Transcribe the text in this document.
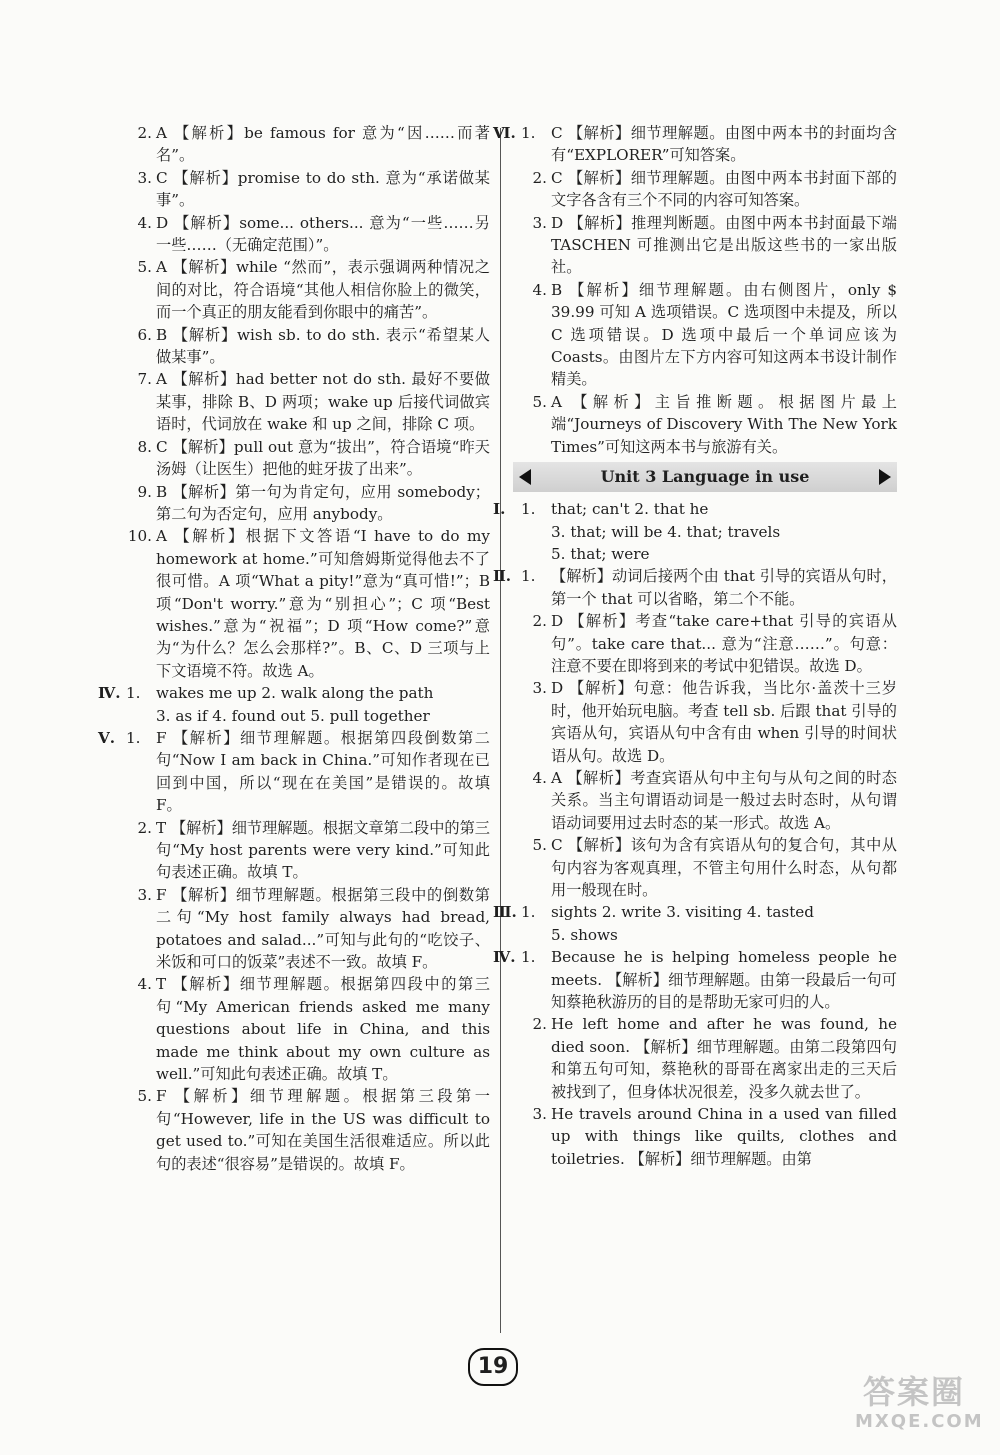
2. A 【解析】be famous for 意为“因……而著名”。
3. C 【解析】promise to do sth. 意为“承诺做某事”。
4. D 【解析】some... others... 意为“一些……另一些……（无确定范围）”。
5. A 【解析】while “然而”，表示强调两种情况之间的对比，符合语境“其他人相信你脸上的微笑，而一个真正的朋友能看到你眼中的痛苦”。
6. B 【解析】wish sb. to do sth. 表示“希望某人做某事”。
7. A 【解析】had better not do sth. 最好不要做某事，排除 B、D 两项；wake up 后接代词做宾语时，代词放在 wake 和 up 之间，排除 C 项。
8. C 【解析】pull out 意为“拔出”，符合语境“昨天汤姆（让医生）把他的蛀牙拔了出来”。
9. B 【解析】第一句为肯定句，应用 somebody；第二句为否定句，应用 anybody。
10. A 【解析】根据下文答语“I have to do my homework at home.”可知詹姆斯觉得他去不了很可惜。A 项“What a pity!”意为“真可惜!”；B 项“Don't worry.”意为“别担心”；C 项“Best wishes.”意为“祝福”；D 项“How come?”意为“为什么？怎么会那样?”。B、C、D 三项与上下文语境不符。故选 A。
Ⅳ. 1. wakes me up 2. walk along the path
3. as if 4. found out 5. pull together
Ⅴ. 1. F 【解析】细节理解题。根据第四段倒数第二句“Now I am back in China.”可知作者现在已回到中国，所以“现在在美国”是错误的。故填 F。
2. T 【解析】细节理解题。根据文章第二段中的第三句“My host parents were very kind.”可知此句表述正确。故填 T。
3. F 【解析】细节理解题。根据第三段中的倒数第二句“My host family always had bread, potatoes and salad...”可知与此句的“吃饺子、米饭和可口的饭菜”表述不一致。故填 F。
4. T 【解析】细节理解题。根据第四段中的第三句“My American friends asked me many questions about life in China, and this made me think about my own culture as well.”可知此句表述正确。故填 T。
5. F 【解析】细节理解题。根据第三段第一句“However, life in the US was difficult to get used to.”可知在美国生活很难适应。所以此句的表述“很容易”是错误的。故填 F。
Ⅵ. 1. C 【解析】细节理解题。由图中两本书的封面均含有“EXPLORER”可知答案。
2. C 【解析】细节理解题。由图中两本书封面下部的文字各含有三个不同的内容可知答案。
3. D 【解析】推理判断题。由图中两本书封面最下端 TASCHEN 可推测出它是出版这些书的一家出版社。
4. B 【解析】细节理解题。由右侧图片，only $ 39.99 可知 A 选项错误。C 选项图中未提及，所以 C 选项错误。D 选项中最后一个单词应该为 Coasts。由图片左下方内容可知这两本书设计制作精美。
5. A 【解析】主旨推断题。根据图片最上端“Journeys of Discovery With The New York Times”可知这两本书与旅游有关。
Unit 3 Language in use
Ⅰ. 1. that; can't 2. that he
3. that; will be 4. that; travels
5. that; were
Ⅱ. 1. 【解析】动词后接两个由 that 引导的宾语从句时，第一个 that 可以省略，第二个不能。
2. D 【解析】考查“take care+that 引导的宾语从句”。take care that... 意为“注意……”。句意：注意不要在即将到来的考试中犯错误。故选 D。
3. D 【解析】句意：他告诉我，当比尔·盖茨十三岁时，他开始玩电脑。考查 tell sb. 后跟 that 引导的宾语从句，宾语从句中含有由 when 引导的时间状语从句。故选 D。
4. A 【解析】考查宾语从句中主句与从句之间的时态关系。当主句谓语动词是一般过去时态时，从句谓语动词要用过去时态的某一形式。故选 A。
5. C 【解析】该句为含有宾语从句的复合句，其中从句内容为客观真理，不管主句用什么时态，从句都用一般现在时。
Ⅲ. 1. sights 2. write 3. visiting 4. tasted
5. shows
Ⅳ. 1. Because he is helping homeless people he meets. 【解析】细节理解题。由第一段最后一句可知蔡艳秋游历的目的是帮助无家可归的人。
2. He left home and after he was found, he died soon. 【解析】细节理解题。由第二段第四句和第五句可知，蔡艳秋的哥哥在离家出走的三天后被找到了，但身体状况很差，没多久就去世了。
3. He travels around China in a used van filled up with things like quilts, clothes and toiletries. 【解析】细节理解题。由第
19
答案圈
MXQE.COM
